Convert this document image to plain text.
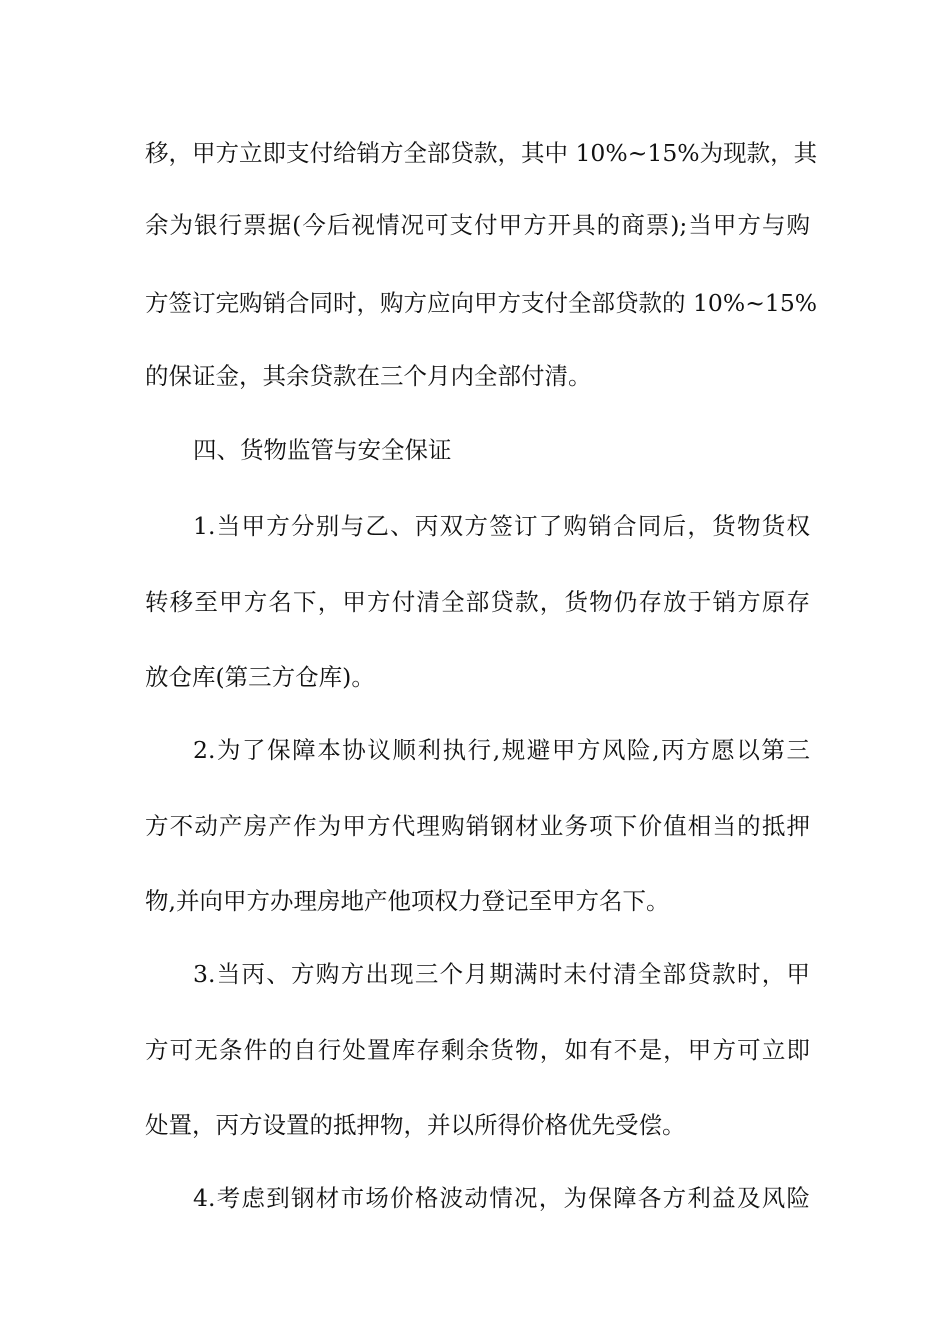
移，甲方立即支付给销方全部贷款，其中 10%~15%为现款，其
余为银行票据(今后视情况可支付甲方开具的商票);当甲方与购
方签订完购销合同时，购方应向甲方支付全部贷款的 10%~15%
的保证金，其余贷款在三个月内全部付清。
四、货物监管与安全保证
1.当甲方分别与乙、丙双方签订了购销合同后，货物货权
转移至甲方名下，甲方付清全部贷款，货物仍存放于销方原存
放仓库(第三方仓库)。
2.为了保障本协议顺利执行,规避甲方风险,丙方愿以第三
方不动产房产作为甲方代理购销钢材业务项下价值相当的抵押
物,并向甲方办理房地产他项权力登记至甲方名下。
3.当丙、方购方出现三个月期满时未付清全部贷款时，甲
方可无条件的自行处置库存剩余货物，如有不是，甲方可立即
处置，丙方设置的抵押物，并以所得价格优先受偿。
4.考虑到钢材市场价格波动情况，为保障各方利益及风险
